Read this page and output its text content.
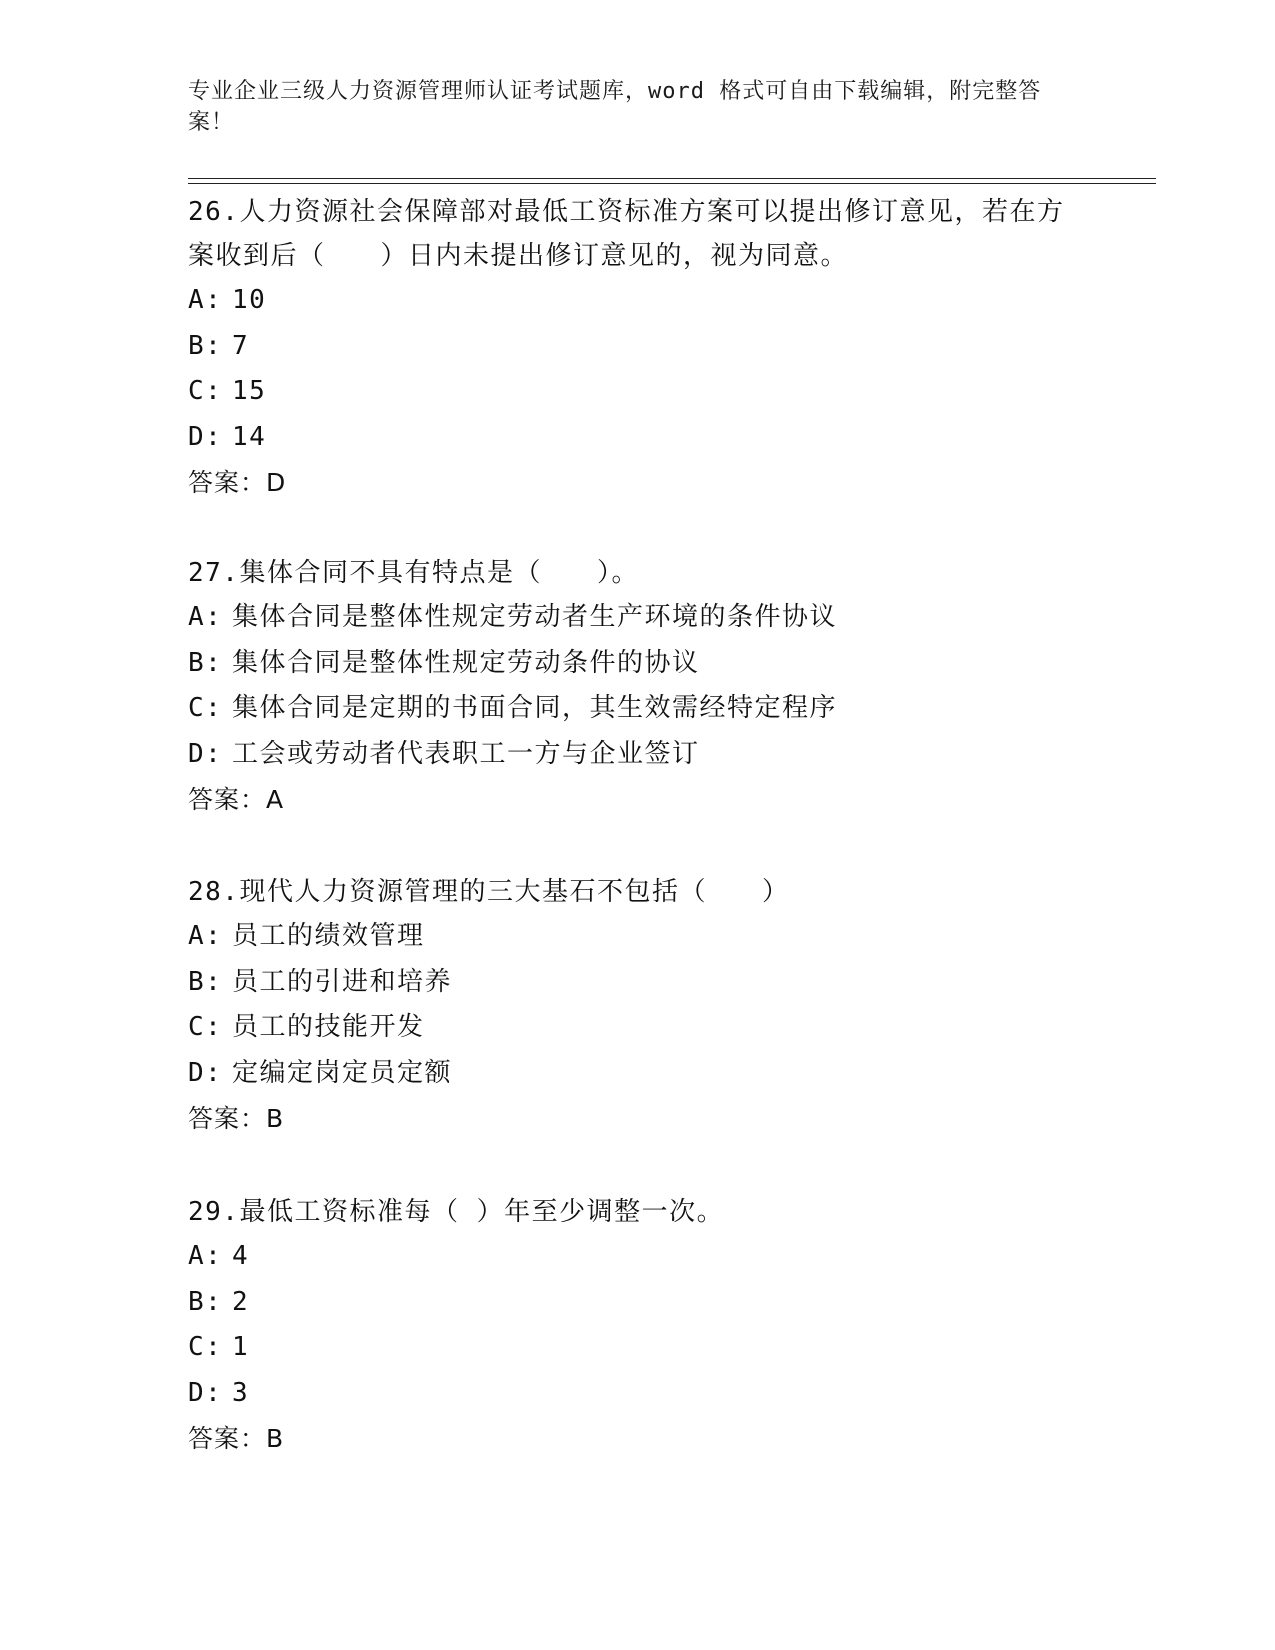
专业企业三级人力资源管理师认证考试题库，word 格式可自由下载编辑，附完整答案！

26.人力资源社会保障部对最低工资标准方案可以提出修订意见，若在方案收到后（　　）日内未提出修订意见的，视为同意。

A: 10

B: 7

C: 15

D: 14

答案：D

27.集体合同不具有特点是（　　）。

A: 集体合同是整体性规定劳动者生产环境的条件协议

B: 集体合同是整体性规定劳动条件的协议

C: 集体合同是定期的书面合同，其生效需经特定程序

D: 工会或劳动者代表职工一方与企业签订

答案：A

28.现代人力资源管理的三大基石不包括（　　）

A: 员工的绩效管理

B: 员工的引进和培养

C: 员工的技能开发

D: 定编定岗定员定额

答案：B

29.最低工资标准每（ ）年至少调整一次。

A: 4

B: 2

C: 1

D: 3

答案：B
